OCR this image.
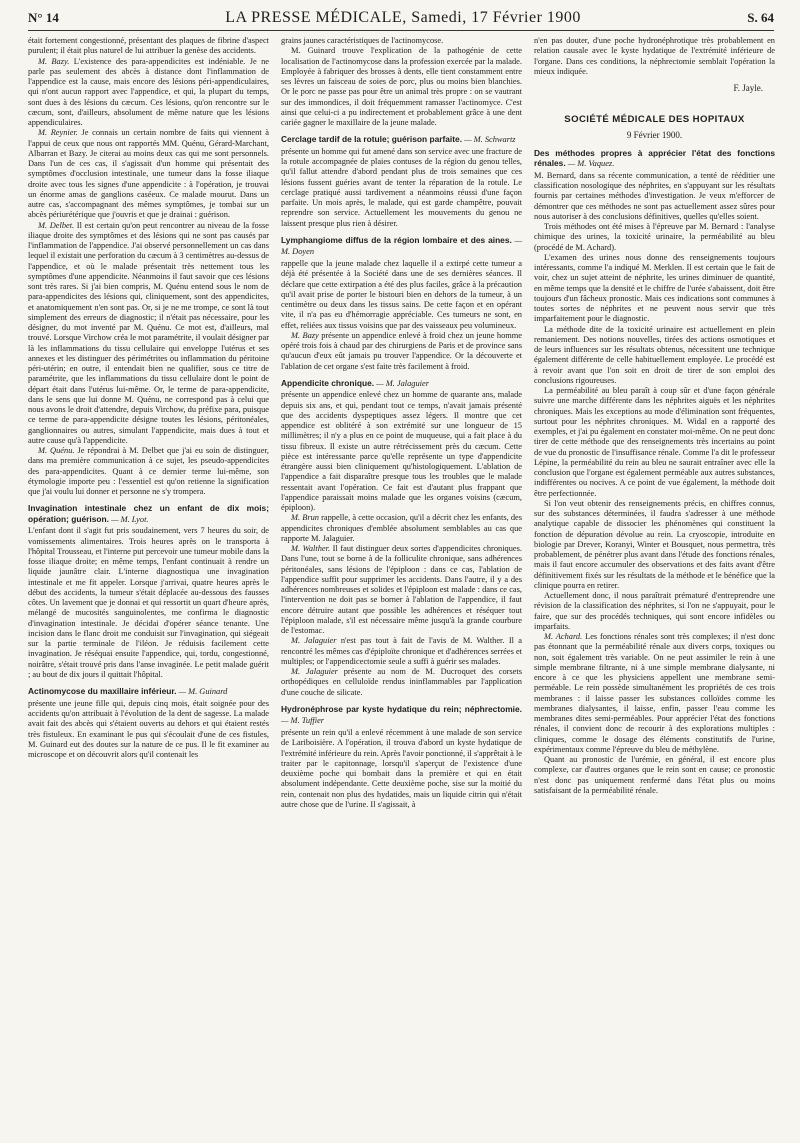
N° 14	LA PRESSE MÉDICALE, Samedi, 17 Février 1900	S. 64

était fortement congestionné, présentant des plaques de fibrine d'aspect purulent; il était plus naturel de lui attribuer la genèse des accidents.

M. Bazy. L'existence des para-appendicites est indéniable. Je ne parle pas seulement des abcès à distance dont l'inflammation de l'appendice est la cause, mais encore des lésions péri-appendiculaires, qui n'ont aucun rapport avec l'appendice, et qui, la plupart du temps, sont dues à des lésions du cæcum. Ces lésions, qu'on rencontre sur le cæcum, sont, d'ailleurs, absolument de même nature que les lésions appendiculaires.

M. Reynier. Je connais un certain nombre de faits qui viennent à l'appui de ceux que nous ont rapportés MM. Quénu, Gérard-Marchant, Albarran et Bazy. Je citerai au moins deux cas qui me sont personnels. Dans l'un de ces cas, il s'agissait d'un homme qui présentait des symptômes d'occlusion intestinale, une tumeur dans la fosse iliaque droite avec tous les signes d'une appendicite : à l'opération, je trouvai un énorme amas de ganglions caséeux. Ce malade mourut. Dans un autre cas, s'accompagnant des mêmes symptômes, je tombai sur un abcès périurétérique que j'ouvris et que je drainai : guérison.

M. Delbet. Il est certain qu'on peut rencontrer au niveau de la fosse iliaque droite des symptômes et des lésions qui ne sont pas causés par l'inflammation de l'appendice. J'ai observé personnellement un cas dans lequel il existait une perforation du cæcum à 3 centimètres au-dessus de l'appendice, et où le malade présentait très nettement tous les symptômes d'une appendicite. Néanmoins il faut savoir que ces lésions sont très rares. Si j'ai bien compris, M. Quénu entend sous le nom de para-appendicites des lésions qui, cliniquement, sont des appendicites, et anatomiquement n'en sont pas. Or, si je ne me trompe, ce sont là tout simplement des erreurs de diagnostic; il n'était pas nécessaire, pour les désigner, du mot inventé par M. Quénu. Ce mot est, d'ailleurs, mal trouvé. Lorsque Virchow créa le mot paramétrite, il voulait désigner par là les inflammations du tissu cellulaire qui enveloppe l'utérus et ses annexes et les distinguer des périmétrites ou inflammation du péritoine péri-utérin; en outre, il entendait bien ne qualifier, sous ce titre de paramétrite, que les inflammations du tissu cellulaire dont le point de départ était dans l'utérus lui-même. Or, le terme de para-appendicite, dans le sens que lui donne M. Quénu, ne correspond pas à celui que nous avons le droit d'attendre, depuis Virchow, du préfixe para, puisque ce terme de para-appendicite désigne toutes les lésions, péritonéales, ganglionnaires ou autres, simulant l'appendicite, mais dues à tout et autre cause qu'à l'appendicite.

M. Quénu. Je répondrai à M. Delbet que j'ai eu soin de distinguer, dans ma première communication à ce sujet, les pseudo-appendicites des para-appendicites. Quant à ce dernier terme lui-même, son étymologie importe peu : l'essentiel est qu'on retienne la signification que j'ai voulu lui donner et personne ne s'y trompera.

Invagination intestinale chez un enfant de dix mois; opération; guérison. — M. Lyot.

L'enfant dont il s'agit fut pris soudainement, vers 7 heures du soir, de vomissements alimentaires. Trois heures après on le transporta à l'hôpital Trousseau, et l'interne put percevoir une tumeur mobile dans la fosse iliaque droite; en même temps, l'enfant continuait à rendre un liquide jaunâtre clair. L'interne diagnostiqua une invagination intestinale et me fit appeler. Lorsque j'arrivai, quatre heures après le début des accidents, la tumeur s'était déplacée au-dessous des fausses côtes. Un lavement que je donnai et qui ressortit un quart d'heure après, mélangé de mucosités sanguinolentes, me confirma le diagnostic d'invagination intestinale. Je décidai d'opérer séance tenante. Une incision dans le flanc droit me conduisit sur l'invagination, qui siégeait sur la partie terminale de l'iléon. Je réduisis facilement cette invagination. Je réséquai ensuite l'appendice, qui, tordu, congestionné, noirâtre, s'était trouvé pris dans l'anse invaginée. Le petit malade guérit ; au bout de dix jours il quittait l'hôpital.

Actinomycose du maxillaire inférieur. — M. Guinard

présente une jeune fille qui, depuis cinq mois, était soignée pour des accidents qu'on attribuait à l'évolution de la dent de sagesse. La malade avait fait des abcès qui s'étaient ouverts au dehors et qui étaient restés très fistuleux. En examinant le pus qui s'écoulait d'une de ces fistules, M. Guinard eut des doutes sur la nature de ce pus. Il le fit examiner au microscope et on découvrit alors qu'il contenait les

grains jaunes caractéristiques de l'actinomycose.

M. Guinard trouve l'explication de la pathogénie de cette localisation de l'actinomycose dans la profession exercée par la malade. Employée à fabriquer des brosses à dents, elle tient constamment entre ses lèvres un faisceau de soies de porc, plus ou moins bien blanchies. Or le porc ne passe pas pour être un animal très propre : on se vautrant sur des immondices, il doit fréquemment ramasser l'actinomyce. C'est ainsi que celui-ci a pu indirectement et probablement grâce à une dent cariée gagner le maxillaire de la jeune malade.

Cerclage tardif de la rotule; guérison parfaite. — M. Schwartz

présente un homme qui fut amené dans son service avec une fracture de la rotule accompagnée de plaies contuses de la région du genou telles, qu'il fallut attendre d'abord pendant plus de trois semaines que ces lésions fussent guéries avant de tenter la réparation de la rotule. Le cerclage pratiqué aussi tardivement a néanmoins réussi d'une façon parfaite. Un mois après, le malade, qui est garde champêtre, pouvait reprendre son service. Actuellement les mouvements du genou ne laissent presque plus rien à désirer.

Lymphangiome diffus de la région lombaire et des aines. — M. Doyen

rappelle que la jeune malade chez laquelle il a extirpé cette tumeur a déjà été présentée à la Société dans une de ses dernières séances. Il déclare que cette extirpation a été des plus faciles, grâce à la précaution qu'il avait prise de porter le bistouri bien en dehors de la tumeur, à un centimètre ou deux dans les tissus sains. De cette façon et en opérant vite, il n'a pas eu d'hémorragie appréciable. Ces tumeurs ne sont, en effet, reliées aux tissus voisins que par des vaisseaux peu volumineux.

M. Bazy présente un appendice enlevé à froid chez un jeune homme opéré trois fois à chaud par des chirurgiens de Paris et de province sans qu'aucun d'eux eût jamais pu trouver l'appendice. Or la découverte et l'ablation de cet organe s'est faite très facilement à froid.

Appendicite chronique. — M. Jalaguier

présente un appendice enlevé chez un homme de quarante ans, malade depuis six ans, et qui, pendant tout ce temps, n'avait jamais présenté que des accidents dyspeptiques assez légers. Il montre que cet appendice est oblitéré à son extrémité sur une longueur de 15 millimètres; il n'y a plus en ce point de muqueuse, qui a fait place à du tissu fibreux. Il existe un autre rétrécissement près du cæcum. Cette pièce est intéressante parce qu'elle représente un type d'appendicite étrangère aussi bien cliniquement qu'histologiquement. L'ablation de l'appendice a fait disparaître presque tous les troubles que le malade ressentait avant l'opération. Ce fait est d'autant plus frappant que l'appendice paraissait moins malade que les organes voisins (cæcum, épiploon).

M. Brun rappelle, à cette occasion, qu'il a décrit chez les enfants, des appendicites chroniques d'emblée absolument semblables au cas que rapporte M. Jalaguier.

M. Walther. Il faut distinguer deux sortes d'appendicites chroniques. Dans l'une, tout se borne à de la folliculite chronique, sans adhérences péritonéales, sans lésions de l'épiploon : dans ce cas, l'ablation de l'appendice suffit pour supprimer les accidents. Dans l'autre, il y a des adhérences nombreuses et solides et l'épiploon est malade : dans ce cas, l'intervention ne doit pas se borner à l'ablation de l'appendice, il faut encore détruire autant que possible les adhérences et réséquer tout l'épiploon malade, s'il est nécessaire même jusqu'à la grande courbure de l'estomac.

M. Jalaguier n'est pas tout à fait de l'avis de M. Walther. Il a rencontré les mêmes cas d'épiploïte chronique et d'adhérences serrées et multiples; or l'appendicectomie seule a suffi à guérir ses malades.

M. Jalaguier présente au nom de M. Ducroquet des corsets orthopédiques en celluloïde rendus ininflammables par l'application d'une couche de silicate.

Hydronéphrose par kyste hydatique du rein; néphrectomie. — M. Tuffier

présente un rein qu'il a enlevé récemment à une malade de son service de Lariboisière. A l'opération, il trouva d'abord un kyste hydatique de l'extrémité inférieure du rein. Après l'avoir ponctionné, il s'apprêtait à le traiter par le capitonnage, lorsqu'il s'aperçut de l'existence d'une deuxième poche qui bombait dans la première et qui en était absolument indépendante. Cette deuxième poche, sise sur la moitié du rein, contenait non plus des hydatides, mais un liquide citrin qui n'était autre chose que de l'urine. Il s'agissait, à

n'en pas douter, d'une poche hydronéphrotique très probablement en relation causale avec le kyste hydatique de l'extrémité inférieure de l'organe. Dans ces conditions, la néphrectomie semblait l'opération la mieux indiquée.

F. Jayle.
SOCIÉTÉ MÉDICALE DES HOPITAUX
9 Février 1900.
Des méthodes propres à apprécier l'état des fonctions rénales. — M. Vaquez.

M. Bernard, dans sa récente communication, a tenté de rééditier une classification nosologique des néphrites, en s'appuyant sur les résultats fournis par certaines méthodes d'investigation. Je veux m'efforcer de démontrer que ces méthodes ne sont pas actuellement assez sûres pour nous autoriser à des conclusions définitives, quelles qu'elles soient.

Trois méthodes ont été mises à l'épreuve par M. Bernard : l'analyse chimique des urines, la toxicité urinaire, la perméabilité au bleu (procédé de M. Achard).

L'examen des urines nous donne des renseignements toujours intéressants, comme l'a indiqué M. Merklen. Il est certain que le fait de voir, chez un sujet atteint de néphrite, les urines diminuer de quantité, en même temps que la densité et le chiffre de l'urée s'abaissent, doit être toujours d'un fâcheux pronostic. Mais ces indications sont communes à toutes sortes de néphrites et ne peuvent nous servir que très imparfaitement pour le diagnostic.

La méthode dite de la toxicité urinaire est actuellement en plein remaniement. Des notions nouvelles, tirées des actions osmotiques et de leurs influences sur les résultats obtenus, nécessitent une technique également différente de celle habituellement employée. Le procédé est à revoir avant que l'on soit en droit de tirer de son emploi des conclusions rigoureuses.

La perméabilité au bleu paraît à coup sûr et d'une façon générale suivre une marche différente dans les néphrites aiguës et les néphrites chroniques. Mais les exceptions au mode d'élimination sont fréquentes, surtout pour les néphrites chroniques. M. Widal en a rapporté des exemples, et j'ai pu également en constater moi-même. On ne peut donc tirer de cette méthode que des renseignements très incertains au point de vue du pronostic de l'insuffisance rénale. Comme l'a dit le professeur Lépine, la perméabilité du rein au bleu ne saurait entraîner avec elle la conclusion que l'organe est également perméable aux autres substances, indifférentes ou nocives. A ce point de vue également, la méthode doit être perfectionnée.

Si l'on veut obtenir des renseignements précis, en chiffres connus, sur des substances déterminées, il faudra s'adresser à une méthode analytique capable de dissocier les phénomènes qui constituent la fonction de dépuration dévolue au rein. La cryoscopie, introduite en biologie par Drever, Koranyi, Winter et Bousquet, nous permettra, très probablement, de pénétrer plus avant dans l'étude des fonctions rénales, mais il faut encore accumuler des observations et des faits avant d'être définitivement fixés sur les résultats de la méthode et le bénéfice que la clinique pourra en retirer.

Actuellement donc, il nous paraîtrait prématuré d'entreprendre une révision de la classification des néphrites, si l'on ne s'appuyait, pour le faire, que sur des procédés techniques, qui sont encore infidèles ou imparfaits.

M. Achard. Les fonctions rénales sont très complexes; il n'est donc pas étonnant que la perméabilité rénale aux divers corps, toxiques ou non, soit également très variable. On ne peut assimiler le rein à une simple membrane filtrante, ni à une simple membrane dialysante, ni encore à ce que les physiciens appellent une membrane semi-perméable. Le rein possède simultanément les propriétés de ces trois membranes : il laisse passer les substances colloïdes comme les membranes dialysantes, il laisse, enfin, passer l'eau comme les membranes dites semi-perméables. Pour apprécier l'état des fonctions rénales, il convient donc de recourir à des explorations multiples : cliniques, comme le dosage des éléments constitutifs de l'urine, expérimentaux comme l'épreuve du bleu de méthylène.

Quant au pronostic de l'urémie, en général, il est encore plus complexe, car d'autres organes que le rein sont en cause; ce pronostic n'est donc pas uniquement renfermé dans l'état plus ou moins satisfaisant de la perméabilité rénale.
